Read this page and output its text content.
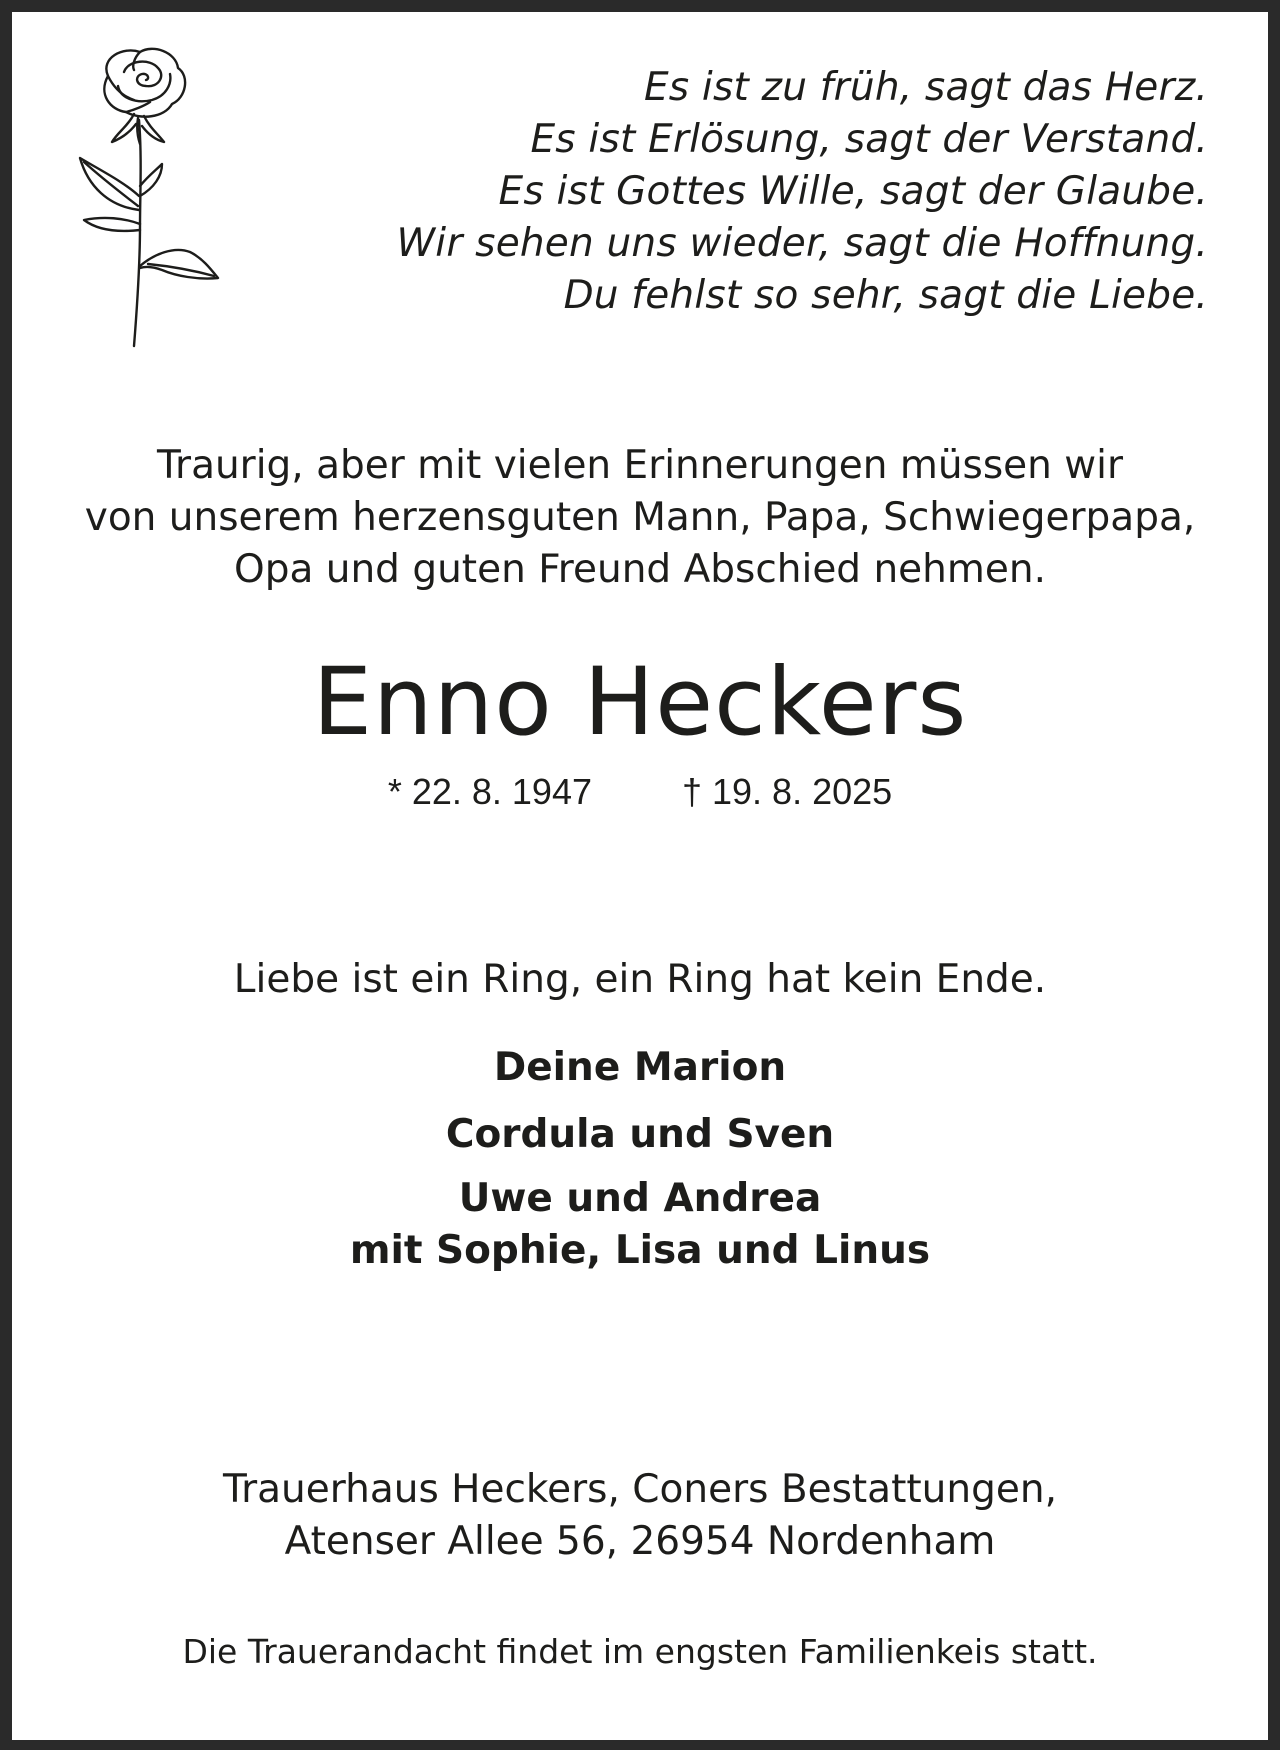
Es ist zu früh, sagt das Herz.
Es ist Erlösung, sagt der Verstand.
Es ist Gottes Wille, sagt der Glaube.
Wir sehen uns wieder, sagt die Hoffnung.
Du fehlst so sehr, sagt die Liebe.
Traurig, aber mit vielen Erinnerungen müssen wir
von unserem herzensguten Mann, Papa, Schwiegerpapa,
Opa und guten Freund Abschied nehmen.
Enno Heckers
* 22. 8. 1947	† 19. 8. 2025
Liebe ist ein Ring, ein Ring hat kein Ende.
Deine Marion
Cordula und Sven
Uwe und Andrea
mit Sophie, Lisa und Linus
Trauerhaus Heckers, Coners Bestattungen,
Atenser Allee 56, 26954 Nordenham
Die Trauerandacht findet im engsten Familienkeis statt.
